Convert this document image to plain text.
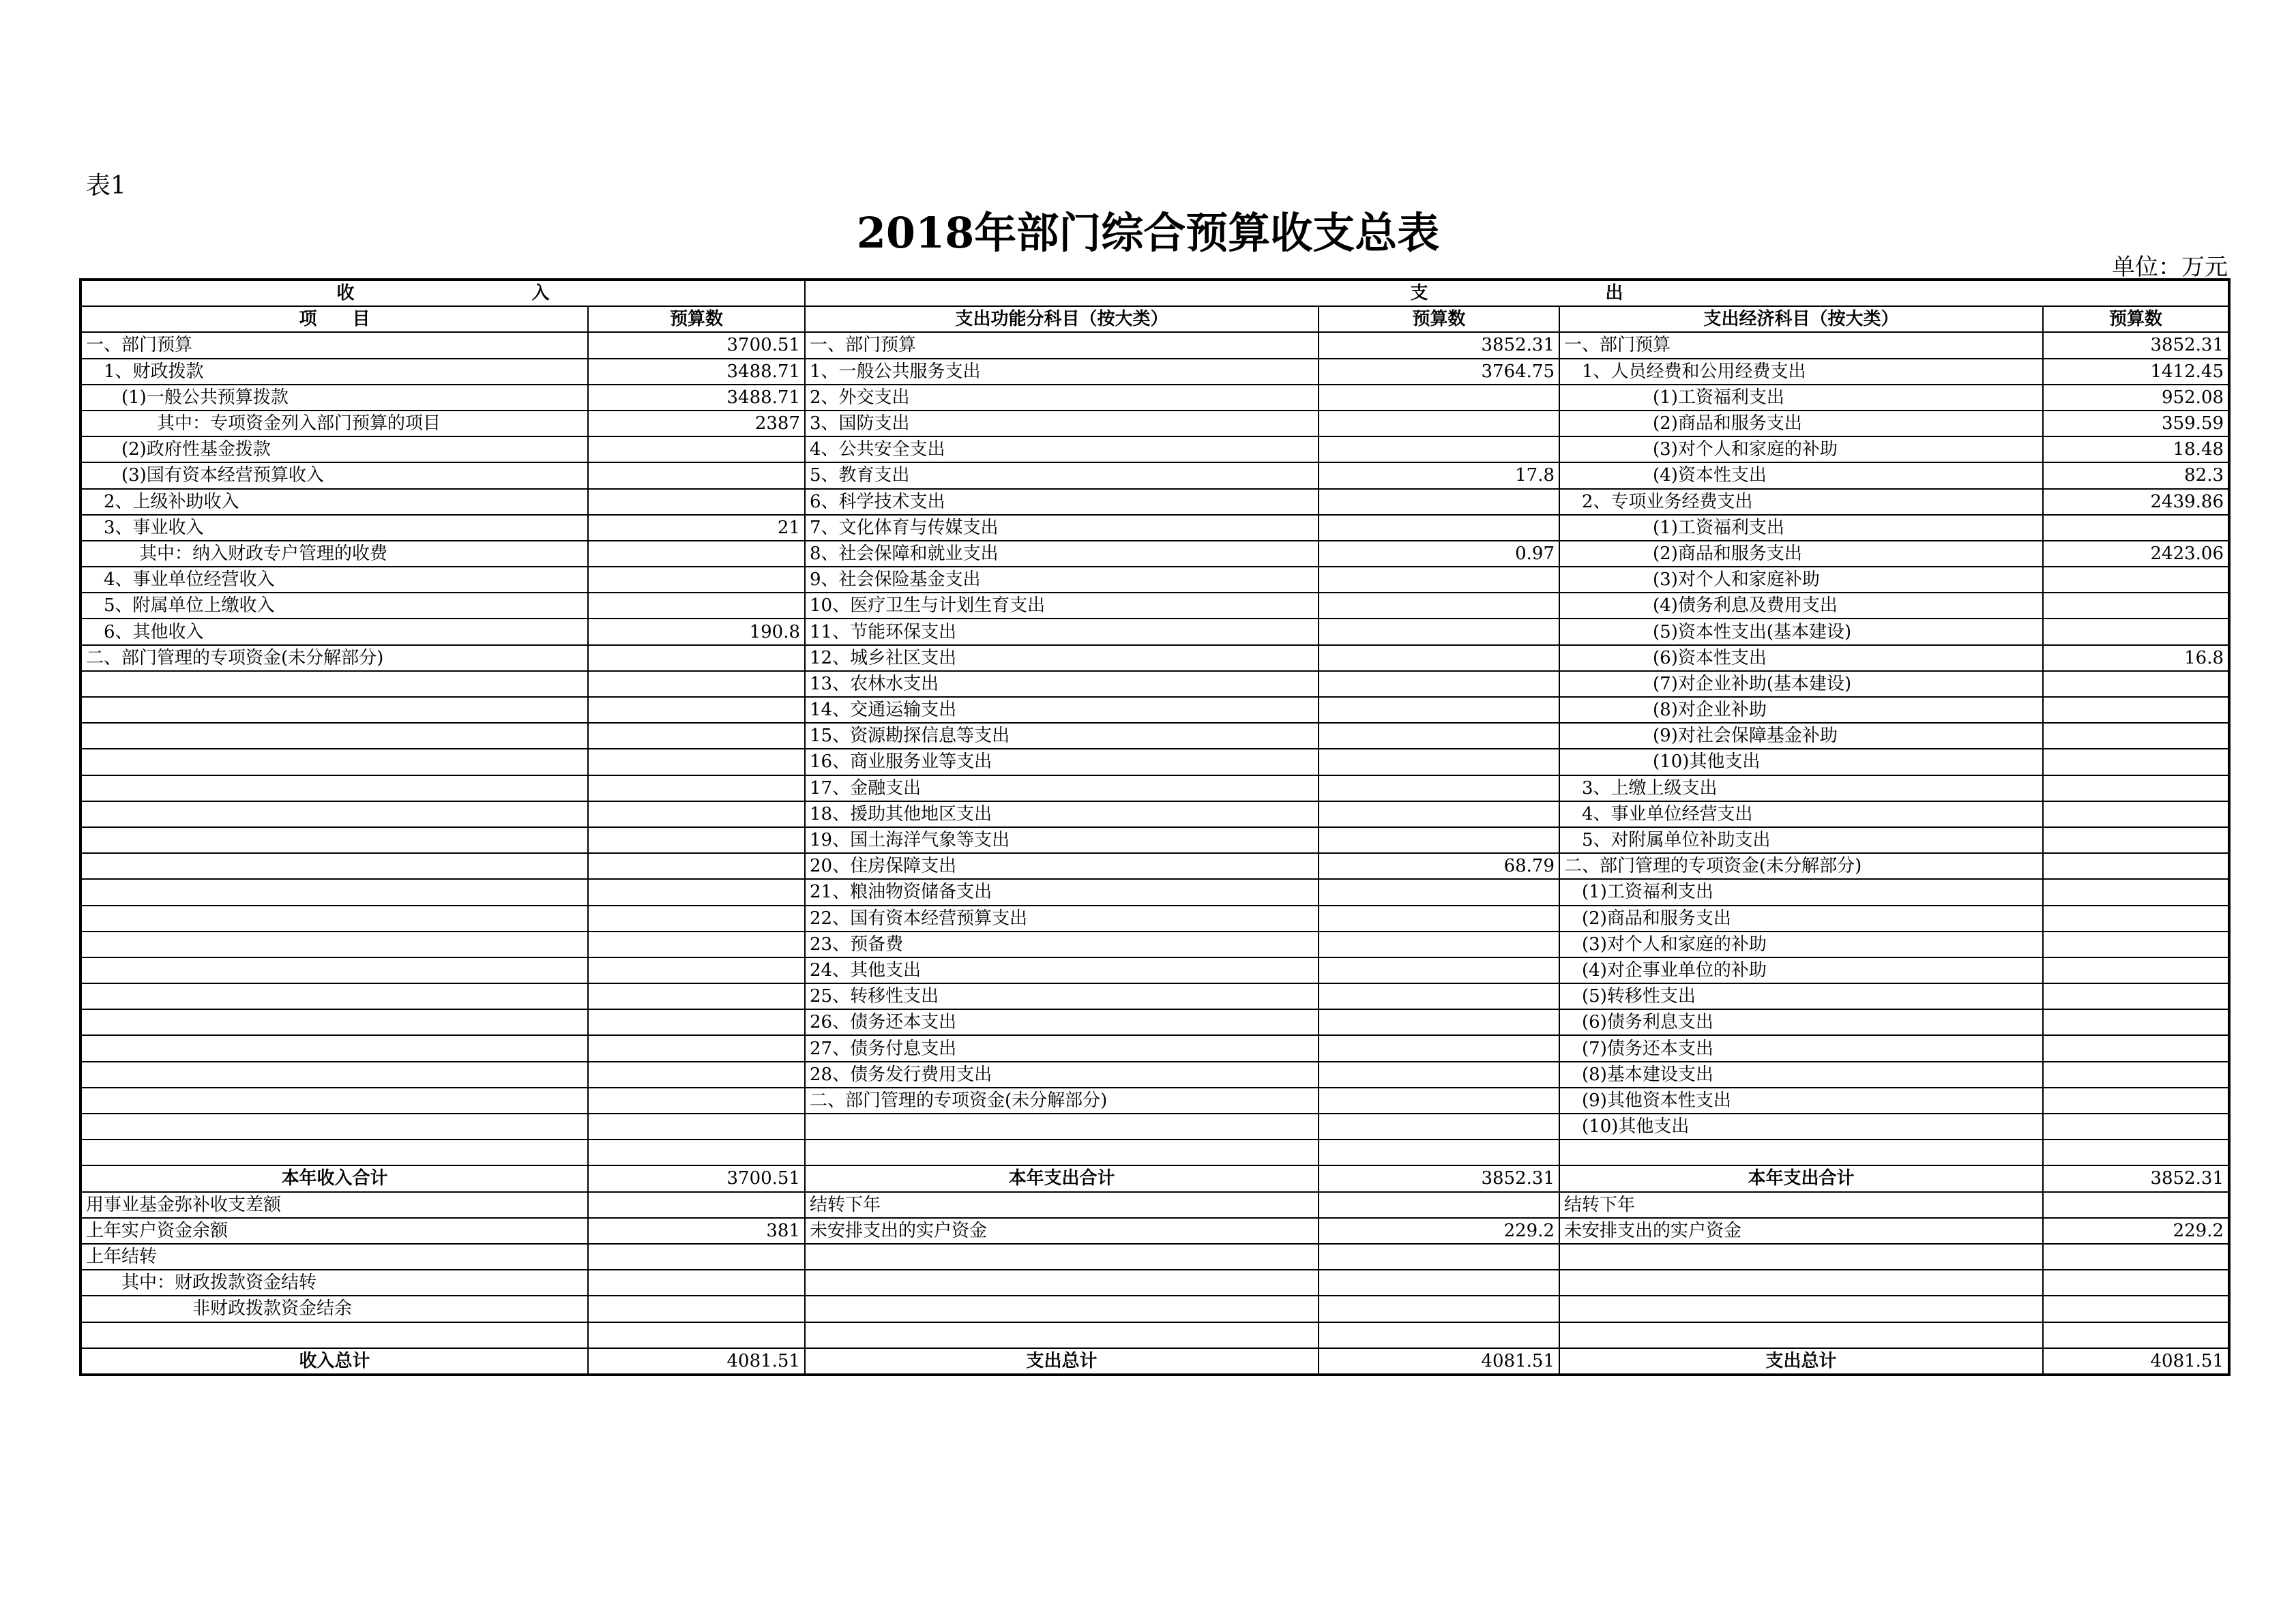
表1
2018年部门综合预算收支总表
单位：万元
收　　　　　　　　　　入		支　　　　　　　　　　出			
项　　目	预算数	支出功能分科目（按大类）	预算数	支出经济科目（按大类）	预算数
一、部门预算	3700.51	一、部门预算	3852.31	一、部门预算	3852.31
　1、财政拨款	3488.71	1、一般公共服务支出	3764.75	　1、人员经费和公用经费支出	1412.45
　　(1)一般公共预算拨款	3488.71	2、外交支出		　　　　　(1)工资福利支出	952.08
　　　　其中：专项资金列入部门预算的项目	2387	3、国防支出		　　　　　(2)商品和服务支出	359.59
　　(2)政府性基金拨款		4、公共安全支出		　　　　　(3)对个人和家庭的补助	18.48
　　(3)国有资本经营预算收入		5、教育支出	17.8	　　　　　(4)资本性支出	82.3
　2、上级补助收入		6、科学技术支出		　2、专项业务经费支出	2439.86
　3、事业收入	21	7、文化体育与传媒支出		　　　　　(1)工资福利支出	
　　　其中：纳入财政专户管理的收费		8、社会保障和就业支出	0.97	　　　　　(2)商品和服务支出	2423.06
　4、事业单位经营收入		9、社会保险基金支出		　　　　　(3)对个人和家庭补助	
　5、附属单位上缴收入		10、医疗卫生与计划生育支出		　　　　　(4)债务利息及费用支出	
　6、其他收入	190.8	11、节能环保支出		　　　　　(5)资本性支出(基本建设)	
二、部门管理的专项资金(未分解部分)		12、城乡社区支出		　　　　　(6)资本性支出	16.8
		13、农林水支出		　　　　　(7)对企业补助(基本建设)	
		14、交通运输支出		　　　　　(8)对企业补助	
		15、资源勘探信息等支出		　　　　　(9)对社会保障基金补助	
		16、商业服务业等支出		　　　　　(10)其他支出	
		17、金融支出		　3、上缴上级支出	
		18、援助其他地区支出		　4、事业单位经营支出	
		19、国土海洋气象等支出		　5、对附属单位补助支出	
		20、住房保障支出	68.79	二、部门管理的专项资金(未分解部分)	
		21、粮油物资储备支出		　(1)工资福利支出	
		22、国有资本经营预算支出		　(2)商品和服务支出	
		23、预备费		　(3)对个人和家庭的补助	
		24、其他支出		　(4)对企事业单位的补助	
		25、转移性支出		　(5)转移性支出	
		26、债务还本支出		　(6)债务利息支出	
		27、债务付息支出		　(7)债务还本支出	
		28、债务发行费用支出		　(8)基本建设支出	
		二、部门管理的专项资金(未分解部分)		　(9)其他资本性支出	
				　(10)其他支出	

本年收入合计	3700.51	本年支出合计	3852.31	本年支出合计	3852.31
用事业基金弥补收支差额		结转下年		结转下年	
上年实户资金余额	381	未安排支出的实户资金	229.2	未安排支出的实户资金	229.2
上年结转					
　　其中：财政拨款资金结转					
　　　　　　非财政拨款资金结余					

收入总计	4081.51	支出总计	4081.51	支出总计	4081.51
